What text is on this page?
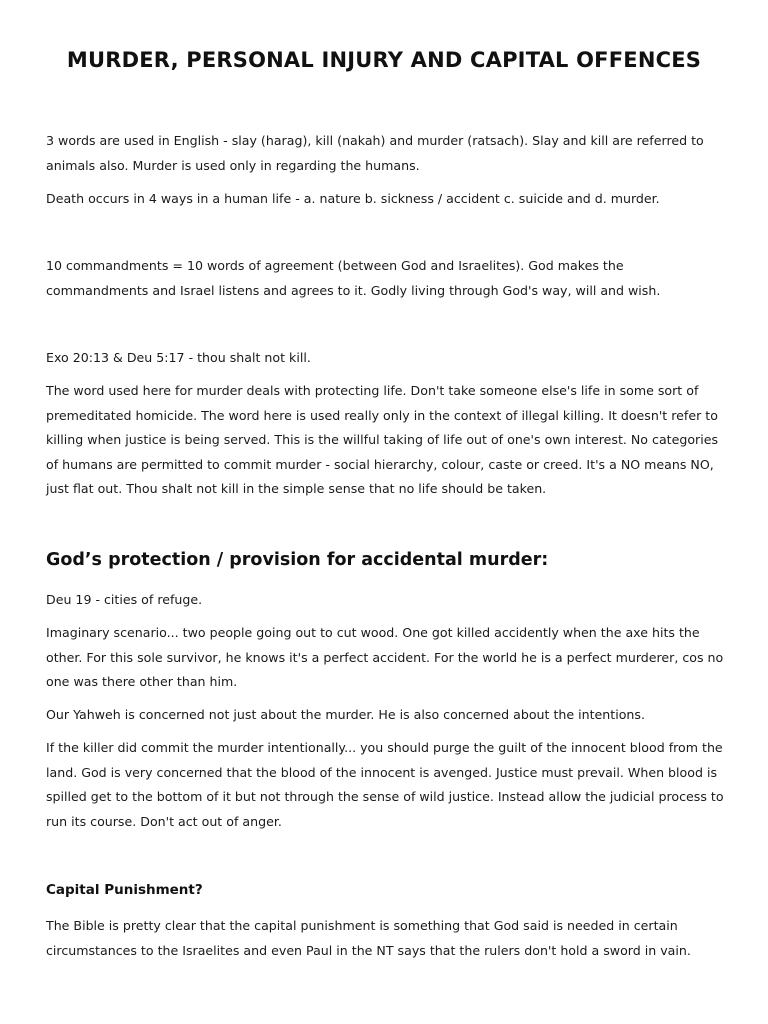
MURDER, PERSONAL INJURY AND CAPITAL OFFENCES

3 words are used in English - slay (harag), kill (nakah) and murder (ratsach). Slay and kill are referred to animals also. Murder is used only in regarding the humans.

Death occurs in 4 ways in a human life - a. nature b. sickness / accident c. suicide and d. murder.

10 commandments = 10 words of agreement (between God and Israelites). God makes the commandments and Israel listens and agrees to it. Godly living through God's way, will and wish.

Exo 20:13 & Deu 5:17 - thou shalt not kill.

The word used here for murder deals with protecting life. Don't take someone else's life in some sort of premeditated homicide. The word here is used really only in the context of illegal killing. It doesn't refer to killing when justice is being served. This is the willful taking of life out of one's own interest. No categories of humans are permitted to commit murder - social hierarchy, colour, caste or creed. It's a NO means NO, just flat out. Thou shalt not kill in the simple sense that no life should be taken.

God’s protection / provision for accidental murder:

Deu 19 - cities of refuge.

Imaginary scenario... two people going out to cut wood. One got killed accidently when the axe hits the other. For this sole survivor, he knows it's a perfect accident. For the world he is a perfect murderer, cos no one was there other than him.

Our Yahweh is concerned not just about the murder. He is also concerned about the intentions.

If the killer did commit the murder intentionally... you should purge the guilt of the innocent blood from the land. God is very concerned that the blood of the innocent is avenged. Justice must prevail. When blood is spilled get to the bottom of it but not through the sense of wild justice. Instead allow the judicial process to run its course. Don't act out of anger.

Capital Punishment?

The Bible is pretty clear that the capital punishment is something that God said is needed in certain circumstances to the Israelites and even Paul in the NT says that the rulers don't hold a sword in vain.
